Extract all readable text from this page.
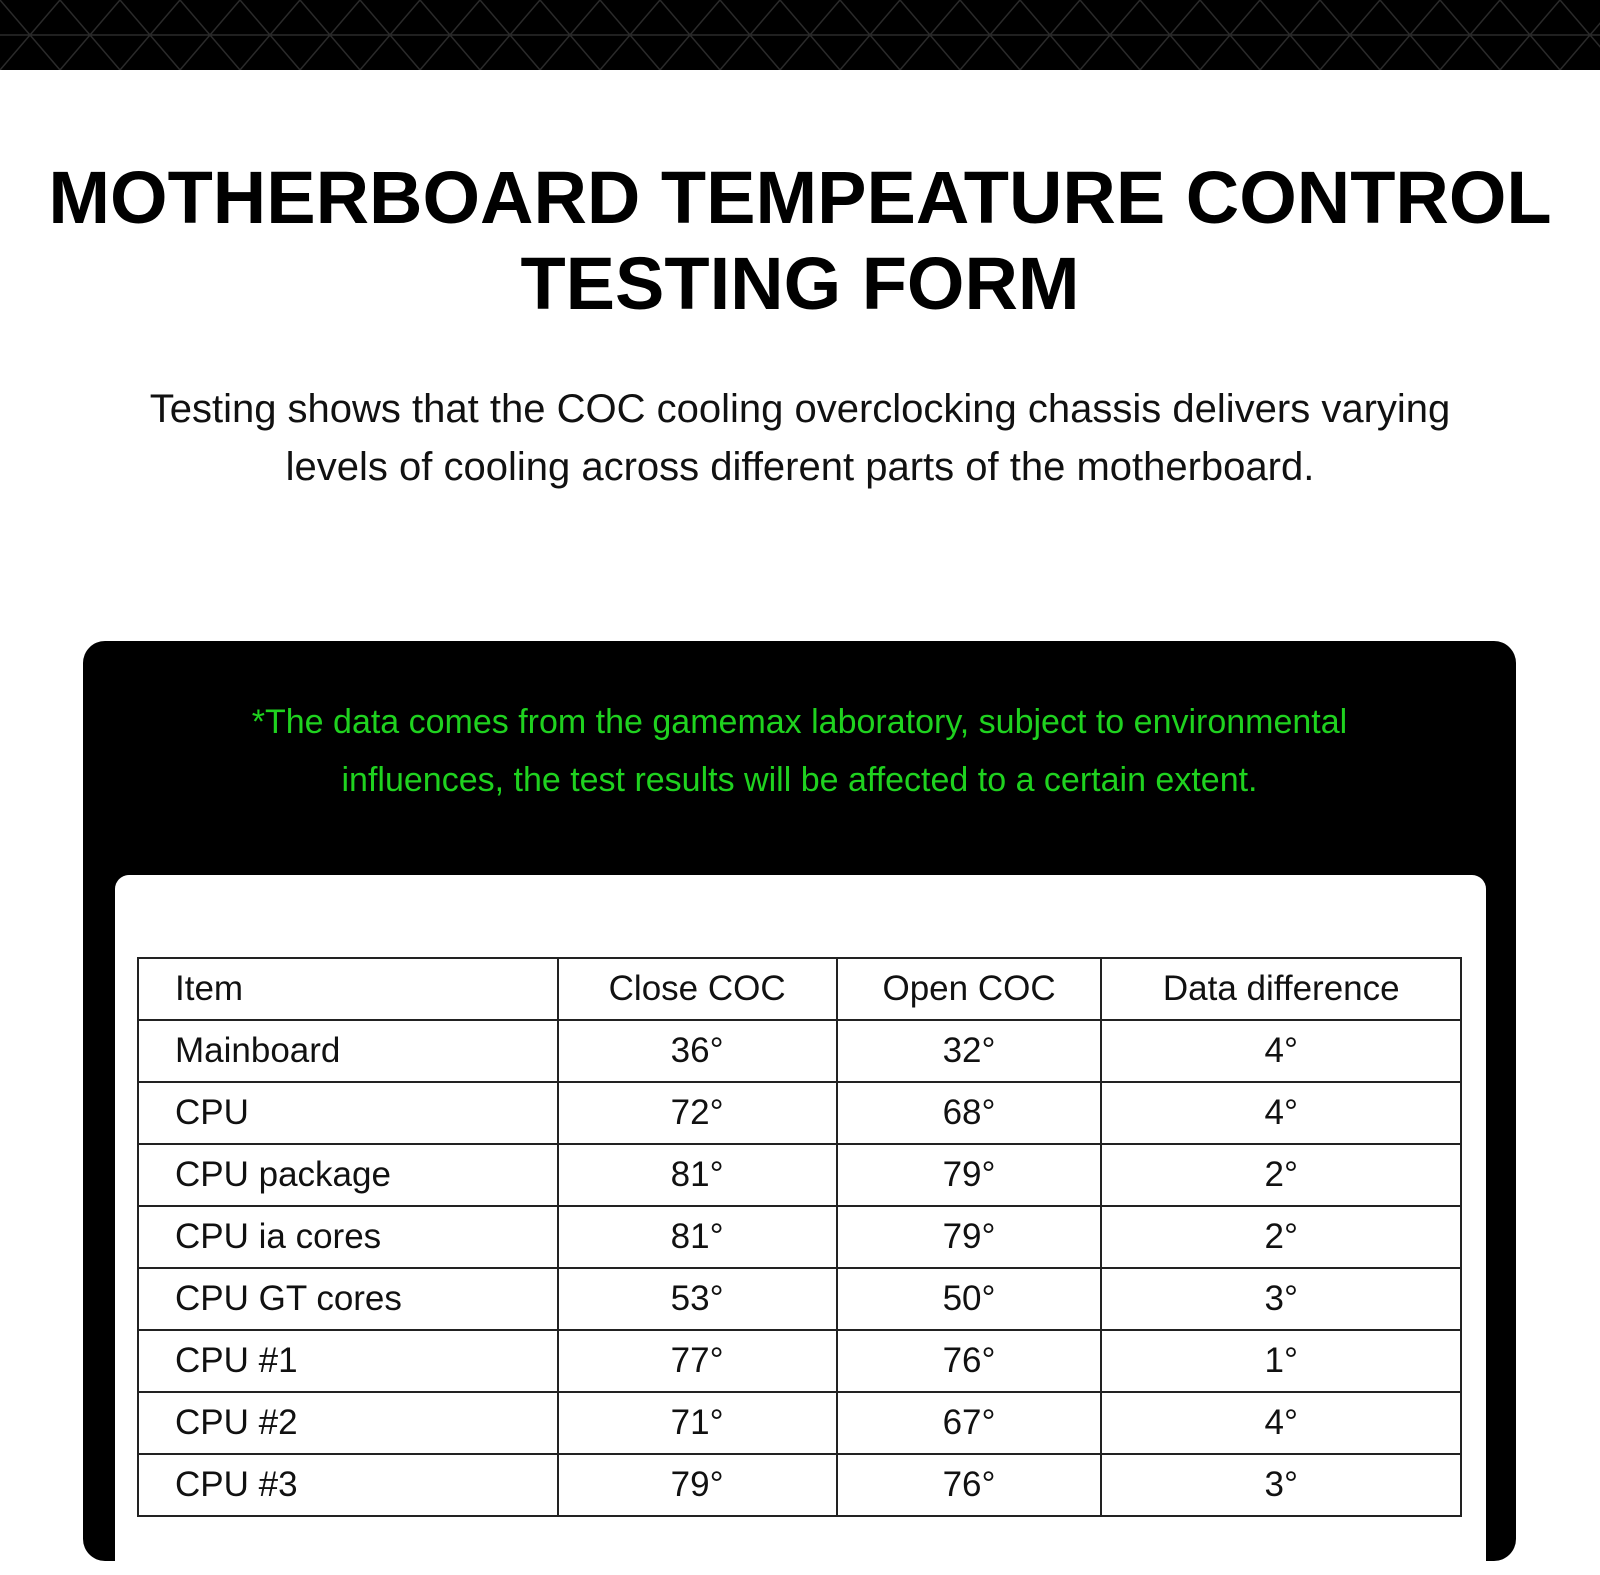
MOTHERBOARD TEMPEATURE CONTROL
TESTING FORM

Testing shows that the COC cooling overclocking chassis delivers varying
levels of cooling across different parts of the motherboard.

*The data comes from the gamemax laboratory, subject to environmental
influences, the test results will be affected to a certain extent.

Item	Close COC	Open COC	Data difference
Mainboard	36°	32°	4°
CPU	72°	68°	4°
CPU package	81°	79°	2°
CPU ia cores	81°	79°	2°
CPU GT cores	53°	50°	3°
CPU #1	77°	76°	1°
CPU #2	71°	67°	4°
CPU #3	79°	76°	3°
